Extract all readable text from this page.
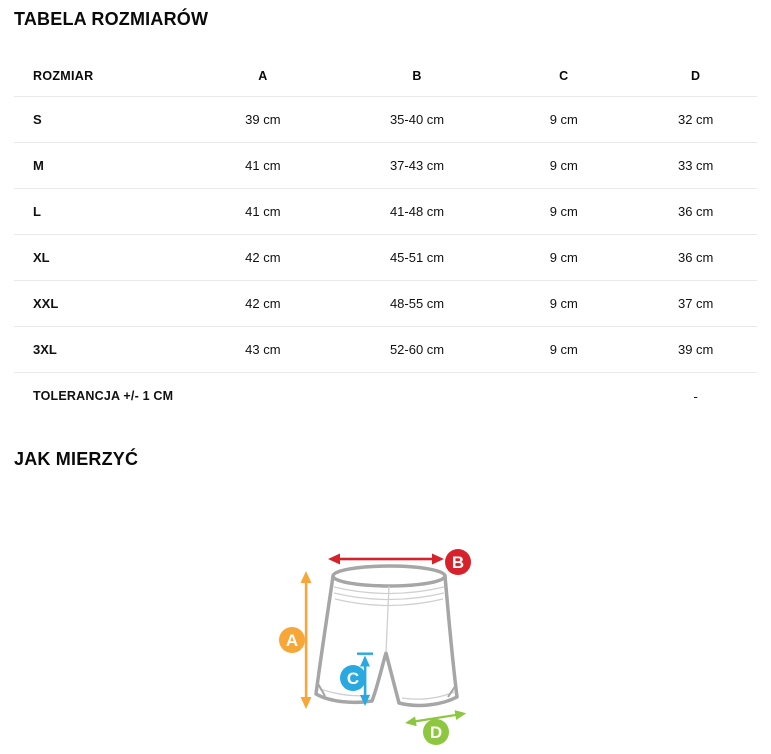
TABELA ROZMIARÓW
ROZMIAR	A	B	C	D
S	39 cm	35-40 cm	9 cm	32 cm
M	41 cm	37-43 cm	9 cm	33 cm
L	41 cm	41-48 cm	9 cm	36 cm
XL	42 cm	45-51 cm	9 cm	36 cm
XXL	42 cm	48-55 cm	9 cm	37 cm
3XL	43 cm	52-60 cm	9 cm	39 cm
TOLERANCJA +/- 1 CM				-
JAK MIERZYĆ
A
B
C
D
